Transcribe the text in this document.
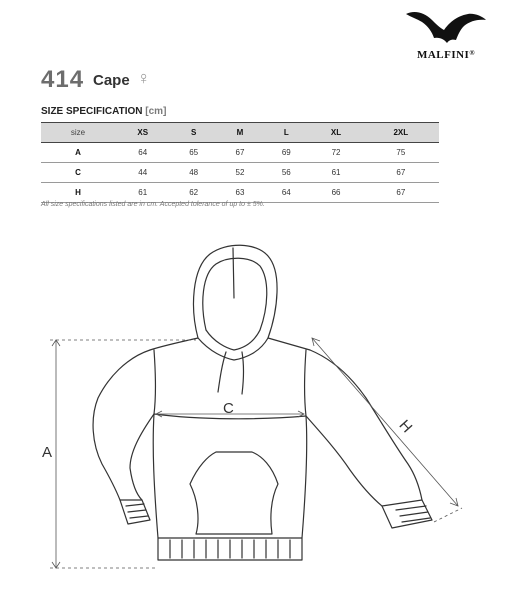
MALFINI®
414 Cape ♀
SIZE SPECIFICATION [cm]
size	XS	S	M	L	XL	2XL
A	64	65	67	69	72	75
C	44	48	52	56	61	67
H	61	62	63	64	66	67
All size specifications listed are in cm. Accepted tolerance of up to ± 5%.
A
C
H
